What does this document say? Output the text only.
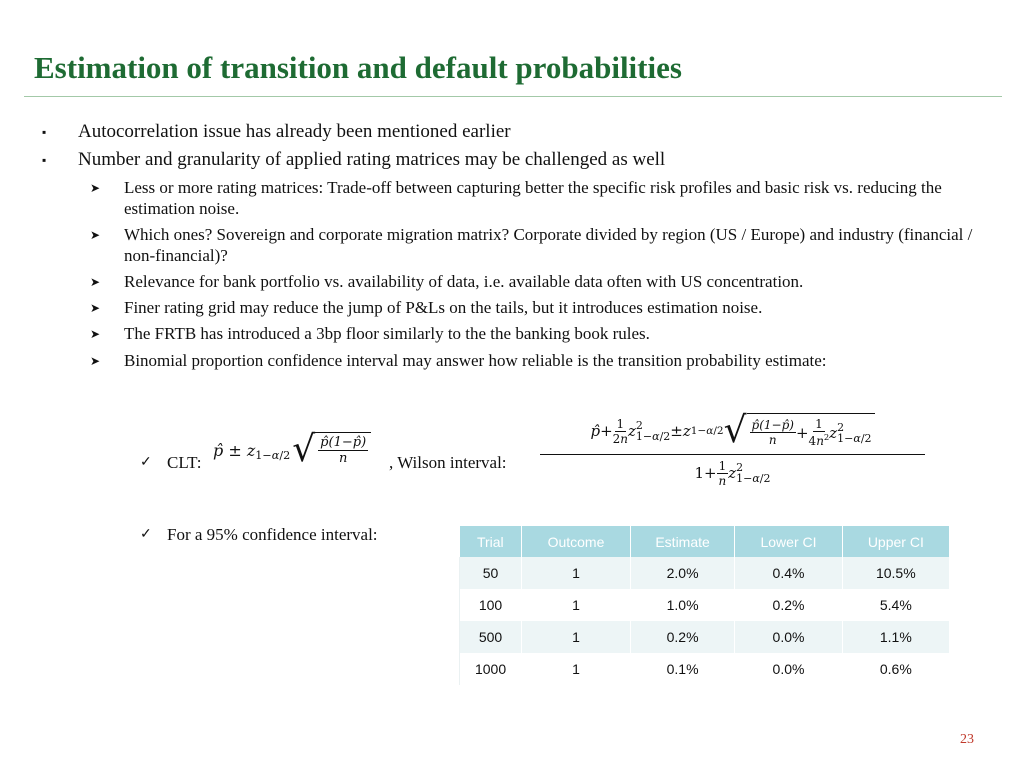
Estimation of transition and default probabilities
▪ Autocorrelation issue has already been mentioned earlier
▪ Number and granularity of applied rating matrices may be challenged as well
➤ Less or more rating matrices: Trade-off between capturing better the specific risk profiles and basic risk vs. reducing the estimation noise.
➤ Which ones? Sovereign and corporate migration matrix? Corporate divided by region (US / Europe) and industry (financial / non-financial)?
➤ Relevance for bank portfolio vs. availability of data, i.e. available data often with US concentration.
➤ Finer rating grid may reduce the jump of P&Ls on the tails, but it introduces estimation noise.
➤ The FRTB has introduced a 3bp floor similarly to the the banking book rules.
➤ Binomial proportion confidence interval may answer how reliable is the transition probability estimate:
✓ CLT:
p̂ ± $z_{1-\alpha/2}$ √ $\frac{p̂(1-p̂)}{n}$ , Wilson interval:
p̂ + $\frac{1}{2n}$ z 2
1−α/2 ± z 1−α/2 √ $\frac{p̂(1-p̂)}{n} + \frac{1}{4n^2}$ z 2
1−α/2
$1+ \frac{1}{n}$ z 2
1−α/2
✓ For a 95% confidence interval:	Trial	Outcome	Estimate	Lower CI	Upper CI
50	1	2.0%	0.4%	10.5%
100	1	1.0%	0.2%	5.4%
500	1	0.2%	0.0%	1.1%
1000	1	0.1%	0.0%	0.6%
23
